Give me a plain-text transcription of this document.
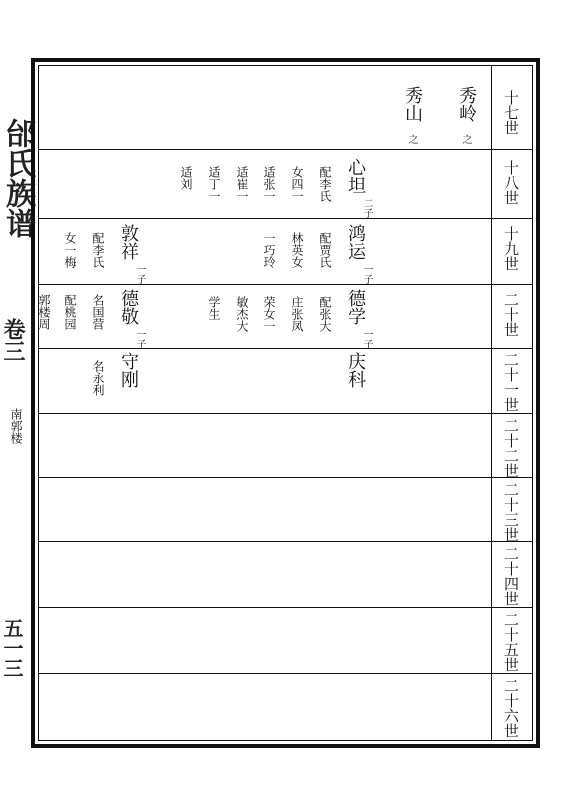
邰氏族谱
卷三
南郭楼
五一三
十七世
十八世
十九世
二十世
二十一世
二十二世
二十三世
二十四世
二十五世
二十六世
秀岭
之
秀山
之
心坦
二子
配李氏
女四一
适张一
适崔一
适丁一
适刘
鸿运
一子
配贾氏
林英女
一巧玲
敦祥
一子
配李氏
女一梅
德学
一子
配张大
庄张凤
荣女一
敏杰大
学生
德敬
一子
名国营
配桃园
郭楼周
庆科
守刚
名永利
